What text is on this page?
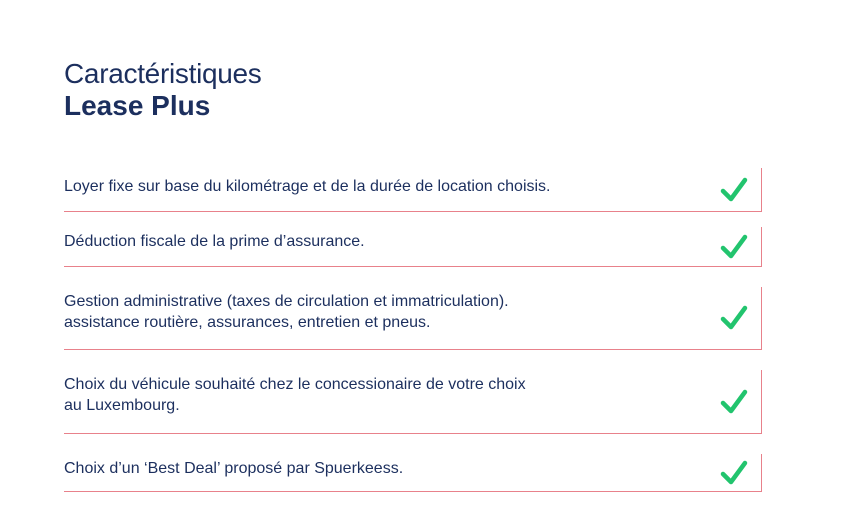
Caractéristiques
Lease Plus
Loyer fixe sur base du kilométrage et de la durée de location choisis.
Déduction fiscale de la prime d’assurance.
Gestion administrative (taxes de circulation et immatriculation).
assistance routière, assurances, entretien et pneus.
Choix du véhicule souhaité chez le concessionaire de votre choix
au Luxembourg.
Choix d’un ‘Best Deal’ proposé par Spuerkeess.
